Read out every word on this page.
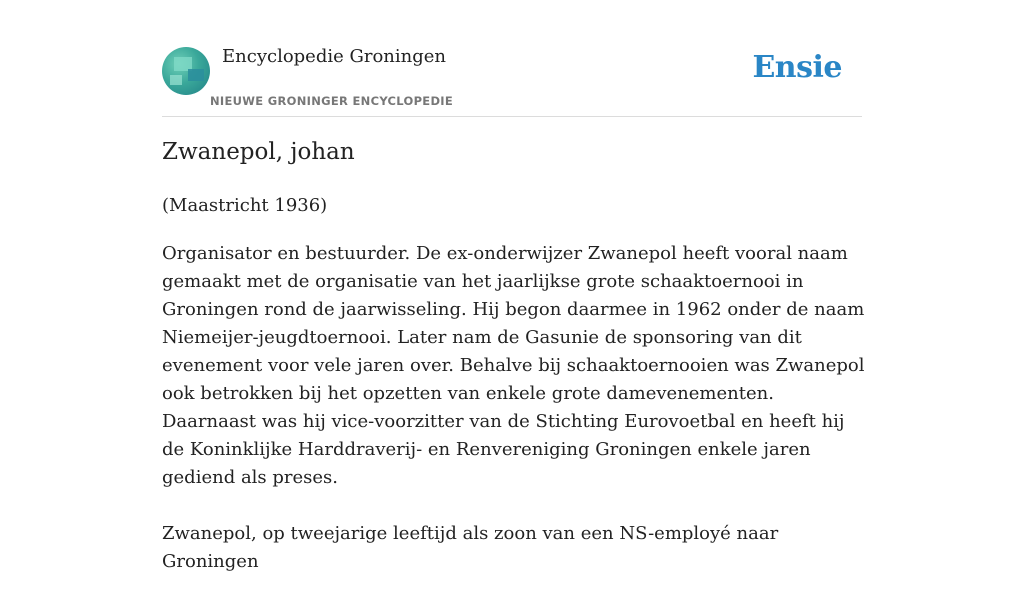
Encyclopedie Groningen
NIEUWE GRONINGER ENCYCLOPEDIE
Ensie
Zwanepol, johan
(Maastricht 1936)

Organisator en bestuurder. De ex-onderwijzer Zwanepol heeft vooral naam gemaakt met de organisatie van het jaarlijkse grote schaaktoernooi in Groningen rond de jaarwisseling. Hij begon daarmee in 1962 onder de naam Niemeijer-jeugdtoernooi. Later nam de Gasunie de sponsoring van dit evenement voor vele jaren over. Behalve bij schaaktoernooien was Zwanepol ook betrokken bij het opzetten van enkele grote damevenementen. Daarnaast was hij vice-voorzitter van de Stichting Eurovoetbal en heeft hij de Koninklijke Harddraverij- en Renvereniging Groningen enkele jaren gediend als preses.

Zwanepol, op tweejarige leeftijd als zoon van een NS-employé naar Groningen
